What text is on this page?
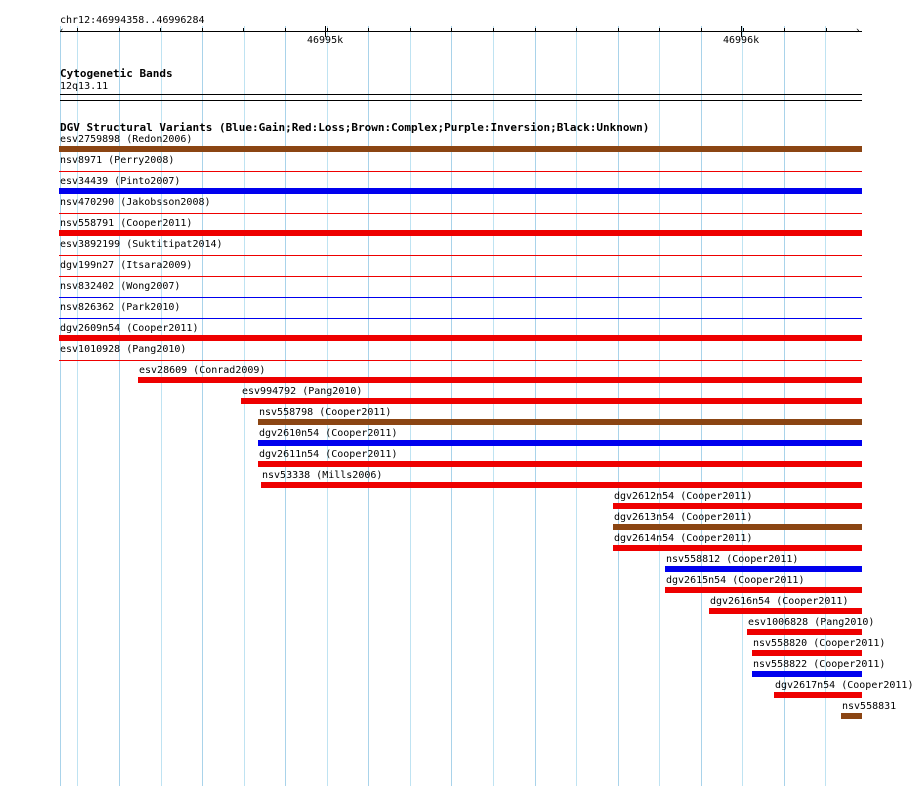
chr12:46994358..46996284
‹	›
46995k	46996k
Cytogenetic Bands
12q13.11
DGV Structural Variants (Blue:Gain;Red:Loss;Brown:Complex;Purple:Inversion;Black:Unknown)
esv2759898 (Redon2006)
nsv8971 (Perry2008)
esv34439 (Pinto2007)
nsv470290 (Jakobsson2008)
nsv558791 (Cooper2011)
esv3892199 (Suktitipat2014)
dgv199n27 (Itsara2009)
nsv832402 (Wong2007)
nsv826362 (Park2010)
dgv2609n54 (Cooper2011)
esv1010928 (Pang2010)
esv28609 (Conrad2009)
esv994792 (Pang2010)
nsv558798 (Cooper2011)
dgv2610n54 (Cooper2011)
dgv2611n54 (Cooper2011)
nsv53338 (Mills2006)
dgv2612n54 (Cooper2011)
dgv2613n54 (Cooper2011)
dgv2614n54 (Cooper2011)
nsv558812 (Cooper2011)
dgv2615n54 (Cooper2011)
dgv2616n54 (Cooper2011)
esv1006828 (Pang2010)
nsv558820 (Cooper2011)
nsv558822 (Cooper2011)
dgv2617n54 (Cooper2011)
nsv558831
